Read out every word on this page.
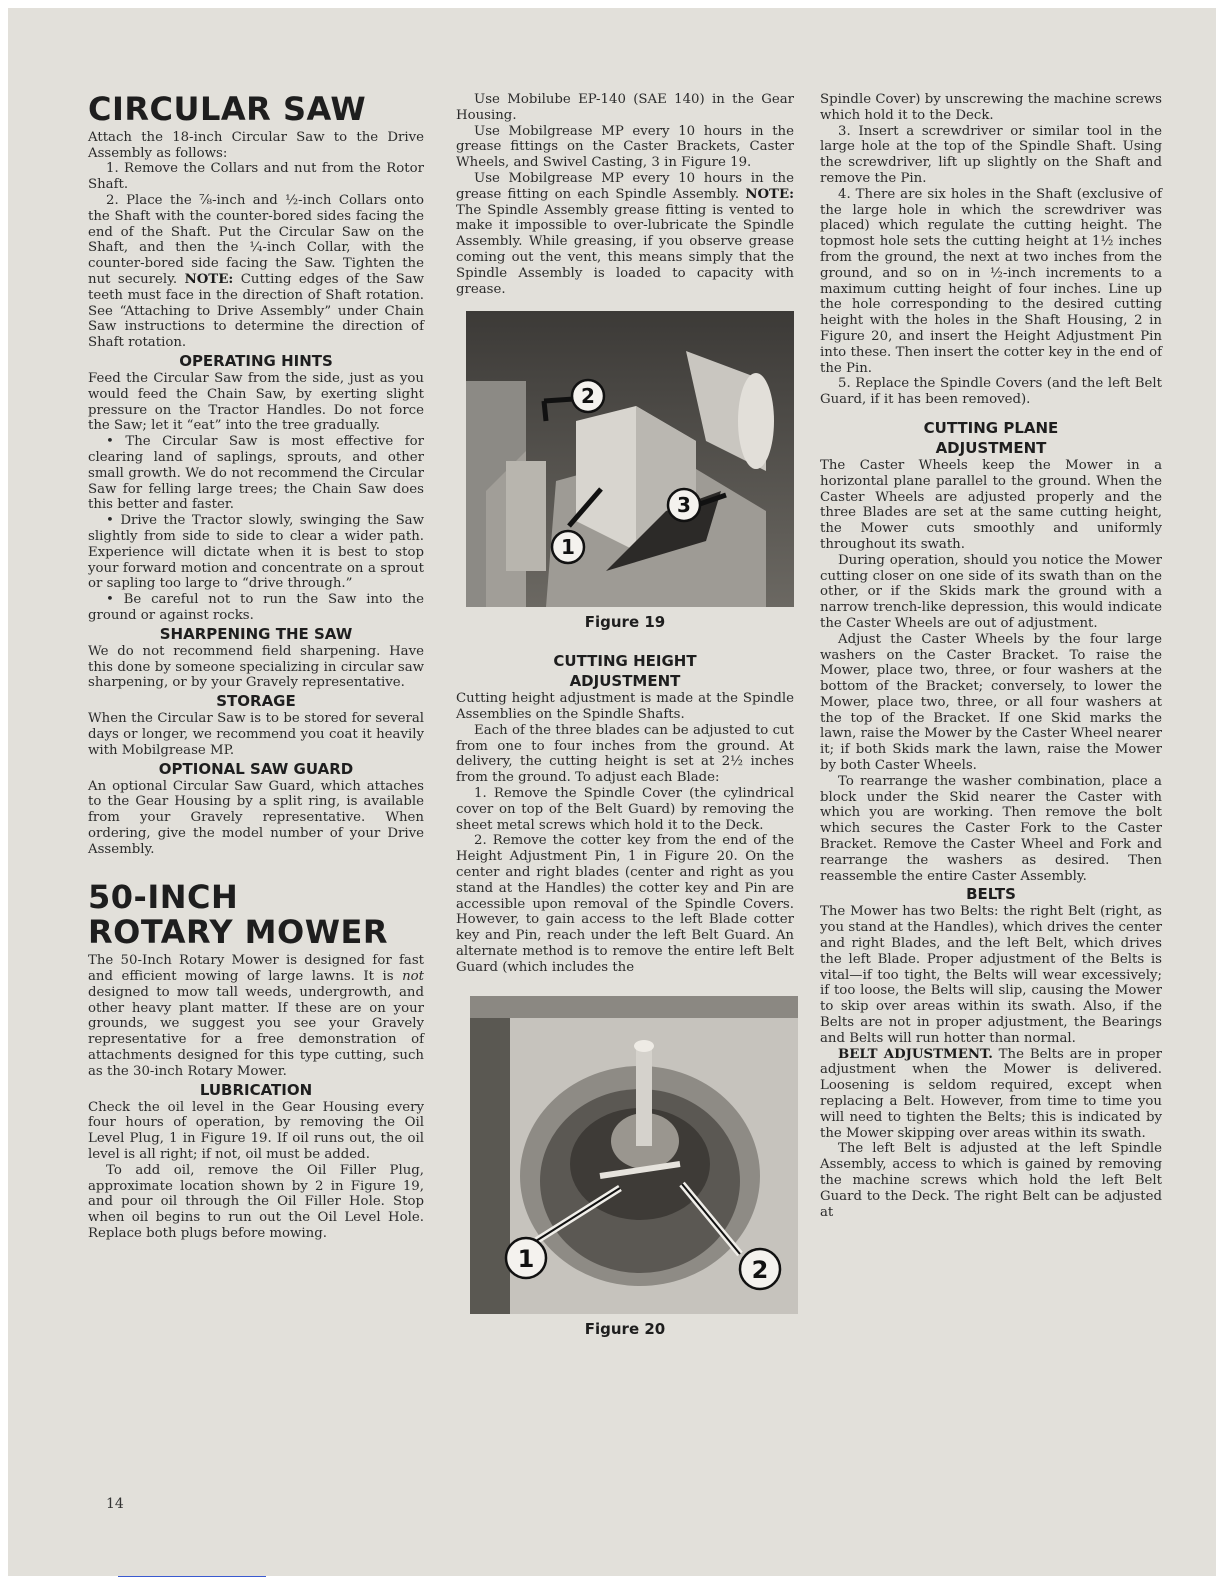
CIRCULAR SAW

Attach the 18-inch Circular Saw to the Drive Assembly as follows:

1. Remove the Collars and nut from the Rotor Shaft.

2. Place the ⅞-inch and ½-inch Collars onto the Shaft with the counter-bored sides facing the end of the Shaft. Put the Circular Saw on the Shaft, and then the ¼-inch Collar, with the counter-bored side facing the Saw. Tighten the nut securely. NOTE: Cutting edges of the Saw teeth must face in the direction of Shaft rotation. See “Attaching to Drive Assembly” under Chain Saw instructions to determine the direction of Shaft rotation.

OPERATING HINTS

Feed the Circular Saw from the side, just as you would feed the Chain Saw, by exerting slight pressure on the Tractor Handles. Do not force the Saw; let it “eat” into the tree gradually.

• The Circular Saw is most effective for clearing land of saplings, sprouts, and other small growth. We do not recommend the Circular Saw for felling large trees; the Chain Saw does this better and faster.

• Drive the Tractor slowly, swinging the Saw slightly from side to side to clear a wider path. Experience will dictate when it is best to stop your forward motion and concentrate on a sprout or sapling too large to “drive through.”

• Be careful not to run the Saw into the ground or against rocks.

SHARPENING THE SAW

We do not recommend field sharpening. Have this done by someone specializing in circular saw sharpening, or by your Gravely representative.

STORAGE

When the Circular Saw is to be stored for several days or longer, we recommend you coat it heavily with Mobilgrease MP.

OPTIONAL SAW GUARD

An optional Circular Saw Guard, which attaches to the Gear Housing by a split ring, is available from your Gravely representative. When ordering, give the model number of your Drive Assembly.

50-INCH
ROTARY MOWER

The 50-Inch Rotary Mower is designed for fast and efficient mowing of large lawns. It is not designed to mow tall weeds, undergrowth, and other heavy plant matter. If these are on your grounds, we suggest you see your Gravely representative for a free demonstration of attachments designed for this type cutting, such as the 30-inch Rotary Mower.

LUBRICATION

Check the oil level in the Gear Housing every four hours of operation, by removing the Oil Level Plug, 1 in Figure 19. If oil runs out, the oil level is all right; if not, oil must be added.

To add oil, remove the Oil Filler Plug, approximate location shown by 2 in Figure 19, and pour oil through the Oil Filler Hole. Stop when oil begins to run out the Oil Level Hole. Replace both plugs before mowing.

Use Mobilube EP-140 (SAE 140) in the Gear Housing.

Use Mobilgrease MP every 10 hours in the grease fittings on the Caster Brackets, Caster Wheels, and Swivel Casting, 3 in Figure 19.

Use Mobilgrease MP every 10 hours in the grease fitting on each Spindle Assembly. NOTE: The Spindle Assembly grease fitting is vented to make it impossible to over-lubricate the Spindle Assembly. While greasing, if you observe grease coming out the vent, this means simply that the Spindle Assembly is loaded to capacity with grease.

2
3
1

Figure 19

CUTTING HEIGHT
ADJUSTMENT

Cutting height adjustment is made at the Spindle Assemblies on the Spindle Shafts.

Each of the three blades can be adjusted to cut from one to four inches from the ground. At delivery, the cutting height is set at 2½ inches from the ground. To adjust each Blade:

1. Remove the Spindle Cover (the cylindrical cover on top of the Belt Guard) by removing the sheet metal screws which hold it to the Deck.

2. Remove the cotter key from the end of the Height Adjustment Pin, 1 in Figure 20. On the center and right blades (center and right as you stand at the Handles) the cotter key and Pin are accessible upon removal of the Spindle Covers. However, to gain access to the left Blade cotter key and Pin, reach under the left Belt Guard. An alternate method is to remove the entire left Belt Guard (which includes the

1	2

Figure 20

Spindle Cover) by unscrewing the machine screws which hold it to the Deck.

3. Insert a screwdriver or similar tool in the large hole at the top of the Spindle Shaft. Using the screwdriver, lift up slightly on the Shaft and remove the Pin.

4. There are six holes in the Shaft (exclusive of the large hole in which the screwdriver was placed) which regulate the cutting height. The topmost hole sets the cutting height at 1½ inches from the ground, the next at two inches from the ground, and so on in ½-inch increments to a maximum cutting height of four inches. Line up the hole corresponding to the desired cutting height with the holes in the Shaft Housing, 2 in Figure 20, and insert the Height Adjustment Pin into these. Then insert the cotter key in the end of the Pin.

5. Replace the Spindle Covers (and the left Belt Guard, if it has been removed).

CUTTING PLANE
ADJUSTMENT

The Caster Wheels keep the Mower in a horizontal plane parallel to the ground. When the Caster Wheels are adjusted properly and the three Blades are set at the same cutting height, the Mower cuts smoothly and uniformly throughout its swath.

During operation, should you notice the Mower cutting closer on one side of its swath than on the other, or if the Skids mark the ground with a narrow trench-like depression, this would indicate the Caster Wheels are out of adjustment.

Adjust the Caster Wheels by the four large washers on the Caster Bracket. To raise the Mower, place two, three, or four washers at the bottom of the Bracket; conversely, to lower the Mower, place two, three, or all four washers at the top of the Bracket. If one Skid marks the lawn, raise the Mower by the Caster Wheel nearer it; if both Skids mark the lawn, raise the Mower by both Caster Wheels.

To rearrange the washer combination, place a block under the Skid nearer the Caster with which you are working. Then remove the bolt which secures the Caster Fork to the Caster Bracket. Remove the Caster Wheel and Fork and rearrange the washers as desired. Then reassemble the entire Caster Assembly.

BELTS

The Mower has two Belts: the right Belt (right, as you stand at the Handles), which drives the center and right Blades, and the left Belt, which drives the left Blade. Proper adjustment of the Belts is vital—if too tight, the Belts will wear excessively; if too loose, the Belts will slip, causing the Mower to skip over areas within its swath. Also, if the Belts are not in proper adjustment, the Bearings and Belts will run hotter than normal.

BELT ADJUSTMENT. The Belts are in proper adjustment when the Mower is delivered. Loosening is seldom required, except when replacing a Belt. However, from time to time you will need to tighten the Belts; this is indicated by the Mower skipping over areas within its swath.

The left Belt is adjusted at the left Spindle Assembly, access to which is gained by removing the machine screws which hold the left Belt Guard to the Deck. The right Belt can be adjusted at

14
